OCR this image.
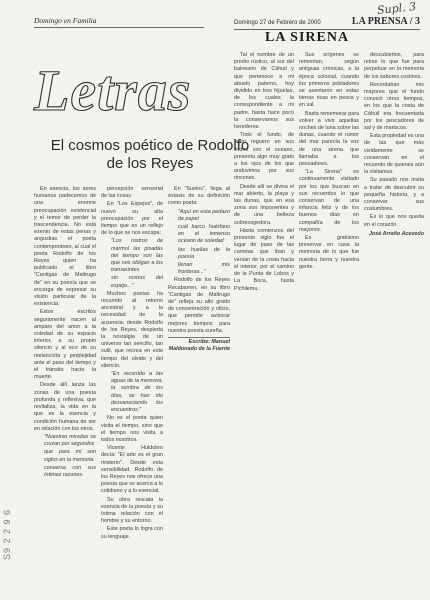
S9 2 2 9 6
Supl. 3
Domingo en Familia	Domingo 27 de Febrero de 2000	LA PRENSA / 3
LA SIRENA
Letras
El cosmos poético de Rodolfo de los Reyes

En esencia, los seres humanos padecemos de una enorme preocupación existencial y el temor de perder la trascendencia. No está exento de estas penas y angustias el poeta contemporáneo, al cual el poeta Rodolfo de los Reyes quien ha publicado el libro "Cantigas de Maltrugo de" en su poesía que se encarga de expresar su visión particular de la existencia.

Estos escritos seguramente nacen al amparo del amor a la soledad de su espacio interior, a su propio silencio y al eco de su melancolía y perplejidad ante el paso del tiempo y el tránsito hacia la muerte.

Desde allí lanza las zonas de una poesía profunda y reflexiva, que revitaliza, la vida en la que es la esencia y condición humana de ser en relación con los otros.

"Nuestras miradas se cruzan por segundos

que para mí son siglos en la memoria

conversa con sus íntimas razones.

percepción sensorial de las cosas

En "Los Espejos", de nuevo su alta preocupación por el tiempo que es un reflejo de lo que se nos escapa:

"Los rostros de mármol las pisadas del tiempo son las que nos obligan a los transeúntes

sin rostros del espejo..."

Muchos poetas ha recurrido al retorno ancestral y a la necesidad de la ausencia; desde Rodolfo de los Reyes, despierta la nostalgia de un universo tan sencillo, tan sutil, que recrea en este tiempo del olvido y del silencio.

"En recorrido a las aguas de la memoria, la sombra de los días, se han ido desvaneciendo los encuentros."

No es el poeta quien visita el tiempo, sino que el tiempo nos visita a todos nosotros.

Vicente Huidobro decía: "El arte es el gran misterio". Desde esta sensibilidad, Rodolfo de los Reyes nos ofrece una poesía que se acerca a lo cotidiano y a lo esencial.

Su obra rescata la esencia de la poesía y su íntima relación con el hombre y su entorno.

Este poeta lo logra con su lenguaje.

En "Suelos", llega al éxtasis de su definición como poeta:

"Aquí en esta pedazo de papel

cuál barco huérfano en el inmenso océano de soledad

las huellas de la poesía

llenan mis fronteras..."

Rodolfo de los Reyes Recabarren, en su libro "Cantigas de Maltrugo de" refleja su alto grado de concentración y oficio, que permite avizorar mejores tiempos para nuestra poesía sureña.

Escribe: Manuel Maldonado de la Fuente

Tal el nombre de un predio rústico, al sur del balneario de Cáhuil y que pertenece a mi abuelo paterno, hoy dividido en tres hijuelas, de los cuales la correspondiente a mi padre, hasta hace poco la conservamos sus herederos.

Todo el fundo, de buen reguero en sus lindes con el océano, presenta algo muy grato a los ojos de los que anduvimos por sus rincones.

Desde allí se divisa el mar abierto, la playa y las dunas, que en esa zona son imponentes y de una belleza sobrecogedora.

Hasta comienzos del presente siglo fue el lugar de paso de las carretas que iban y venían de la costa hacia el interior, por el camino de la Punta de Lobos y La Boca, hasta Pichilemu.

Sus orígenes se remontan, según antiguas crónicas, a la época colonial, cuando los primeros pobladores se asentaron en estas tierras ricas en pesca y en sal.

Basta rememorar para volver a vivir aquellas noches de luna sobre las dunas, cuando el rumor del mar parecía la voz de una sirena que llamaba a los pescadores.

"La Sirena" es continuamente visitado por los que buscan en sus recuerdos lo que conservan de una infancia feliz y de los buenos días en compañía de los mayores.

Es gratísimo preservar en casa la memoria de lo que fue nuestra tierra y nuestra gente.

descubiertos, para reirse lo que fue para perpetuar en la memoria de los sabores costinos.

Recordaban mis mayores que el fundo conoció otros tiempos, en los que la costa de Cáhuil era frecuentada por los pescadores de sal y de mariscos.

Esta propiedad es una de las que más vividamente se conservan en el recuerdo de quienes aún la visitamos.

Su pasado nos invita a tratar de descubrir su pequeña historia, y a conservar sus costumbres.

Es lo que nos queda en el corazón.

José Arraño Acevedo
